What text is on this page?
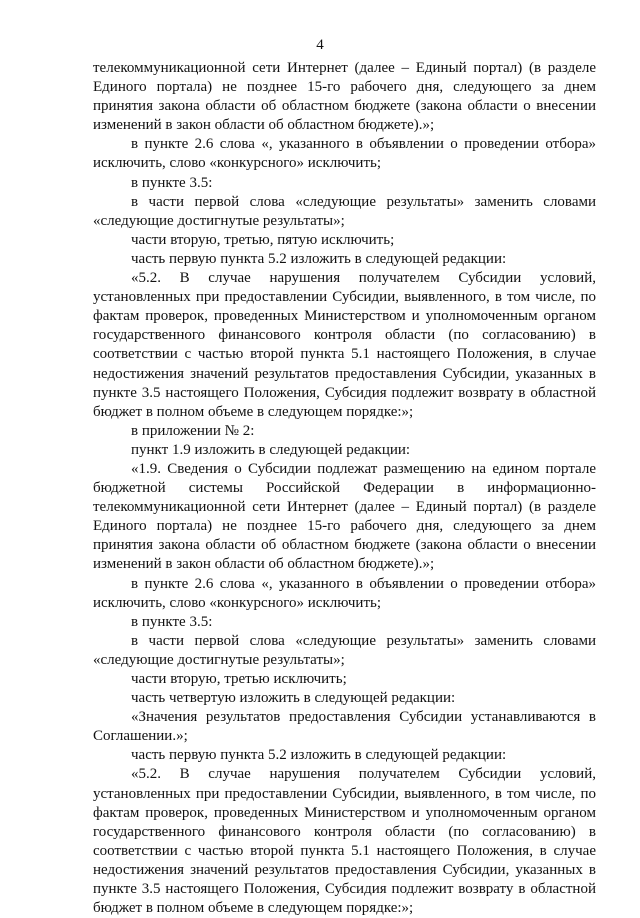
4

телекоммуникационной сети Интернет (далее – Единый портал) (в разделе Единого портала) не позднее 15-го рабочего дня, следующего за днем принятия закона области об областном бюджете (закона области о внесении изменений в закон области об областном бюджете).»;

в пункте 2.6 слова «, указанного в объявлении о проведении отбора» исключить, слово «конкурсного» исключить;

в пункте 3.5:

в части первой слова «следующие результаты» заменить словами «следующие достигнутые результаты»;

части вторую, третью, пятую исключить;

часть первую пункта 5.2 изложить в следующей редакции:

«5.2. В случае нарушения получателем Субсидии условий, установленных при предоставлении Субсидии, выявленного, в том числе, по фактам проверок, проведенных Министерством и уполномоченным органом государственного финансового контроля области (по согласованию) в соответствии с частью второй пункта 5.1 настоящего Положения, в случае недостижения значений результатов предоставления Субсидии, указанных в пункте 3.5 настоящего Положения, Субсидия подлежит возврату в областной бюджет в полном объеме в следующем порядке:»;

в приложении № 2:

пункт 1.9 изложить в следующей редакции:

«1.9. Сведения о Субсидии подлежат размещению на едином портале бюджетной системы Российской Федерации в информационно-телекоммуникационной сети Интернет (далее – Единый портал) (в разделе Единого портала) не позднее 15-го рабочего дня, следующего за днем принятия закона области об областном бюджете (закона области о внесении изменений в закон области об областном бюджете).»;

в пункте 2.6 слова «, указанного в объявлении о проведении отбора» исключить, слово «конкурсного» исключить;

в пункте 3.5:

в части первой слова «следующие результаты» заменить словами «следующие достигнутые результаты»;

части вторую, третью исключить;

часть четвертую изложить в следующей редакции:

«Значения результатов предоставления Субсидии устанавливаются в Соглашении.»;

часть первую пункта 5.2 изложить в следующей редакции:

«5.2. В случае нарушения получателем Субсидии условий, установленных при предоставлении Субсидии, выявленного, в том числе, по фактам проверок, проведенных Министерством и уполномоченным органом государственного финансового контроля области (по согласованию) в соответствии с частью второй пункта 5.1 настоящего Положения, в случае недостижения значений результатов предоставления Субсидии, указанных в пункте 3.5 настоящего Положения, Субсидия подлежит возврату в областной бюджет в полном объеме в следующем порядке:»;
